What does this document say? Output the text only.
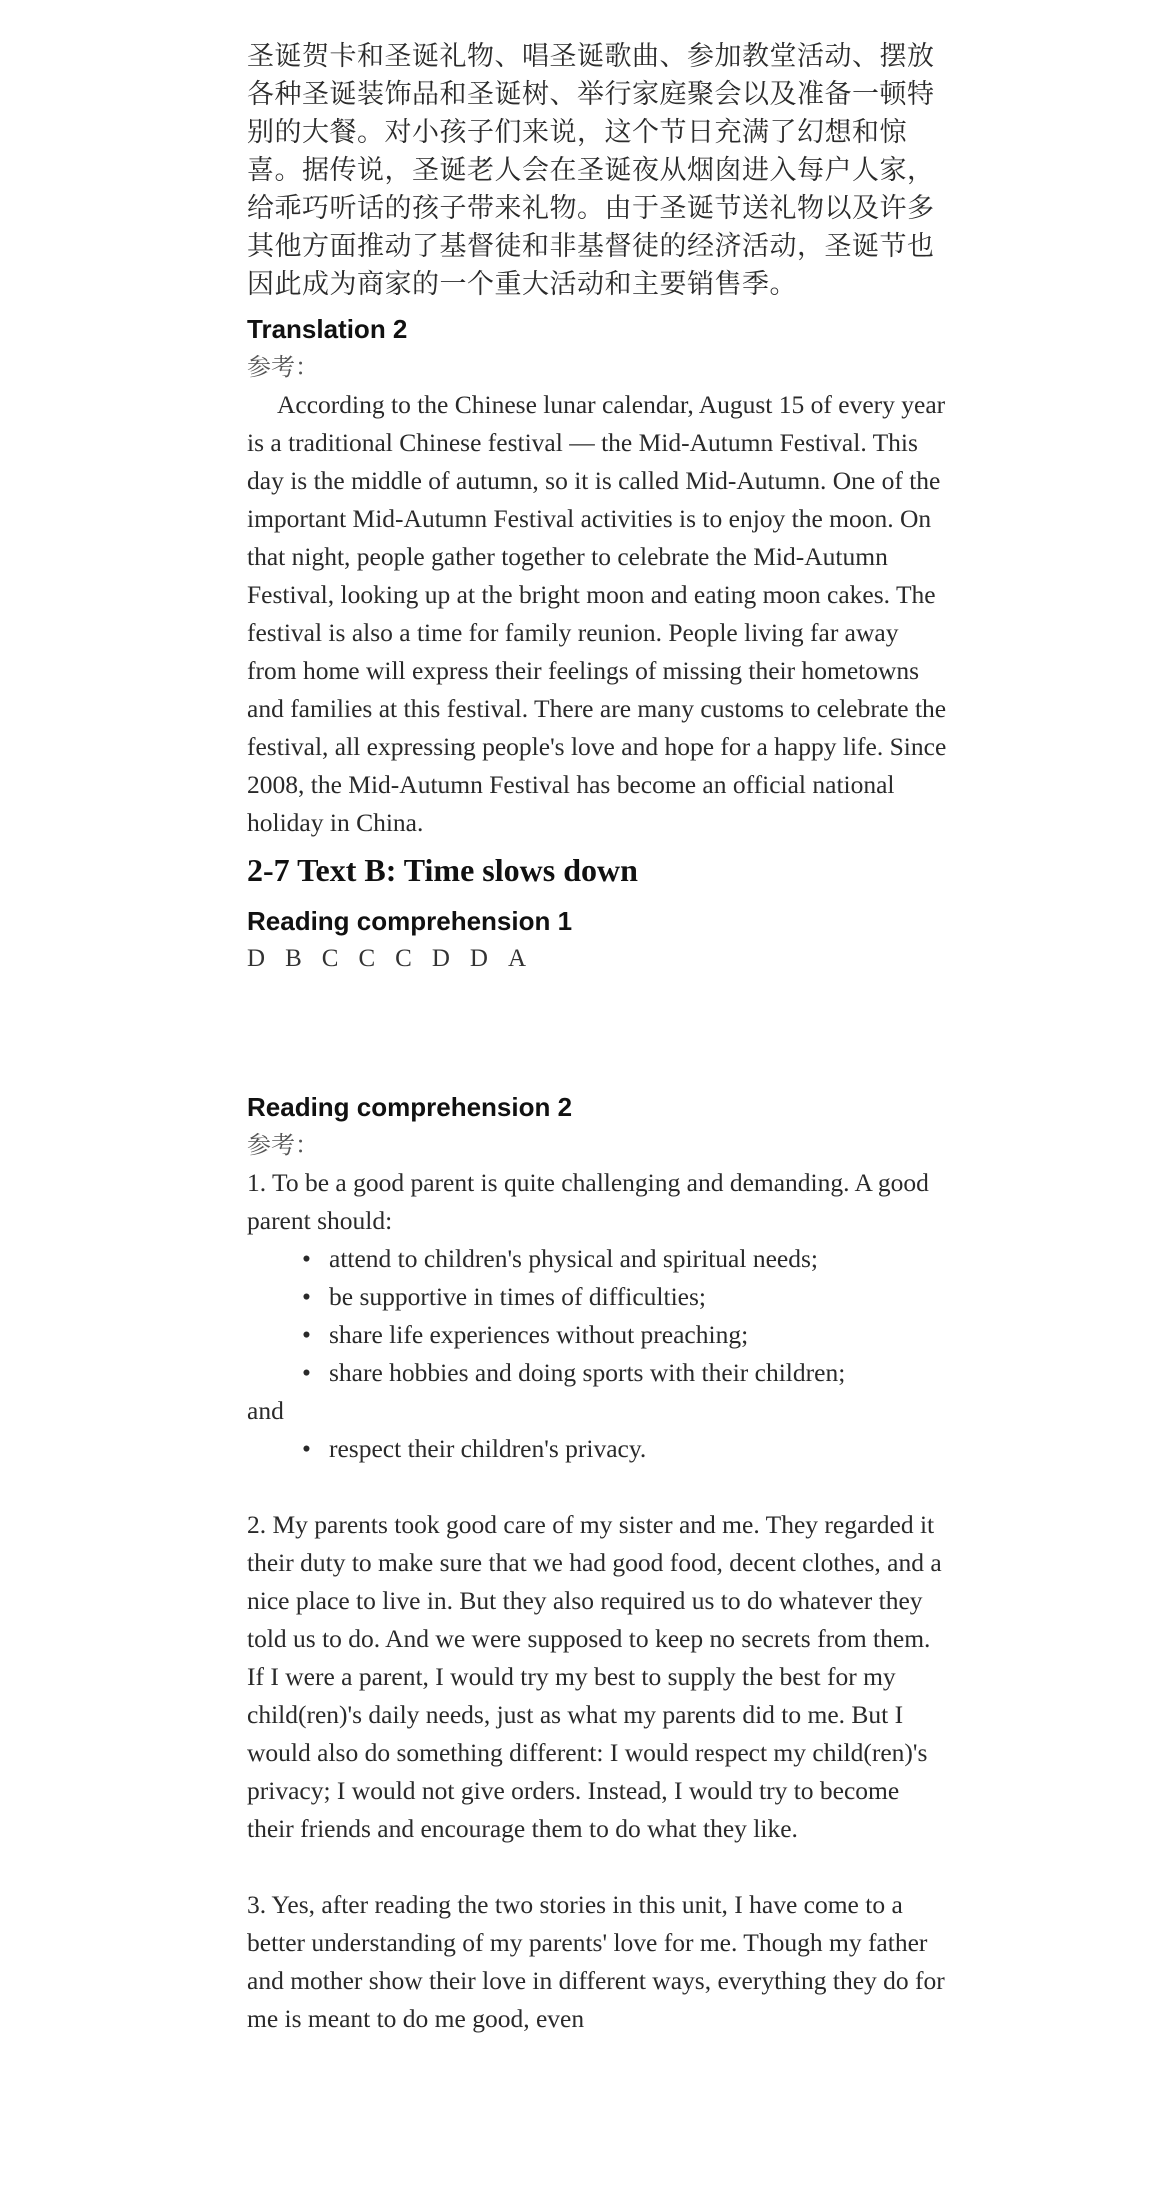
圣诞贺卡和圣诞礼物、唱圣诞歌曲、参加教堂活动、摆放各种圣诞装饰品和圣诞树、举行家庭聚会以及准备一顿特别的大餐。对小孩子们来说，这个节日充满了幻想和惊喜。据传说，圣诞老人会在圣诞夜从烟囱进入每户人家，给乖巧听话的孩子带来礼物。由于圣诞节送礼物以及许多其他方面推动了基督徒和非基督徒的经济活动，圣诞节也因此成为商家的一个重大活动和主要销售季。

Translation 2
参考：

According to the Chinese lunar calendar, August 15 of every year is a traditional Chinese festival — the Mid-Autumn Festival. This day is the middle of autumn, so it is called Mid-Autumn. One of the important Mid-Autumn Festival activities is to enjoy the moon. On that night, people gather together to celebrate the Mid-Autumn Festival, looking up at the bright moon and eating moon cakes. The festival is also a time for family reunion. People living far away from home will express their feelings of missing their hometowns and families at this festival. There are many customs to celebrate the festival, all expressing people's love and hope for a happy life. Since 2008, the Mid-Autumn Festival has become an official national holiday in China.

2-7 Text B: Time slows down
Reading comprehension 1
D B C C C D D A
Reading comprehension 2
参考：

1. To be a good parent is quite challenging and demanding. A good parent should:

• attend to children's physical and spiritual needs;
• be supportive in times of difficulties;
• share life experiences without preaching;
• share hobbies and doing sports with their children;
and
• respect their children's privacy.

2. My parents took good care of my sister and me. They regarded it their duty to make sure that we had good food, decent clothes, and a nice place to live in. But they also required us to do whatever they told us to do. And we were supposed to keep no secrets from them. If I were a parent, I would try my best to supply the best for my child(ren)'s daily needs, just as what my parents did to me. But I would also do something different: I would respect my child(ren)'s privacy; I would not give orders. Instead, I would try to become their friends and encourage them to do what they like.

3. Yes, after reading the two stories in this unit, I have come to a better understanding of my parents' love for me. Though my father and mother show their love in different ways, everything they do for me is meant to do me good, even
